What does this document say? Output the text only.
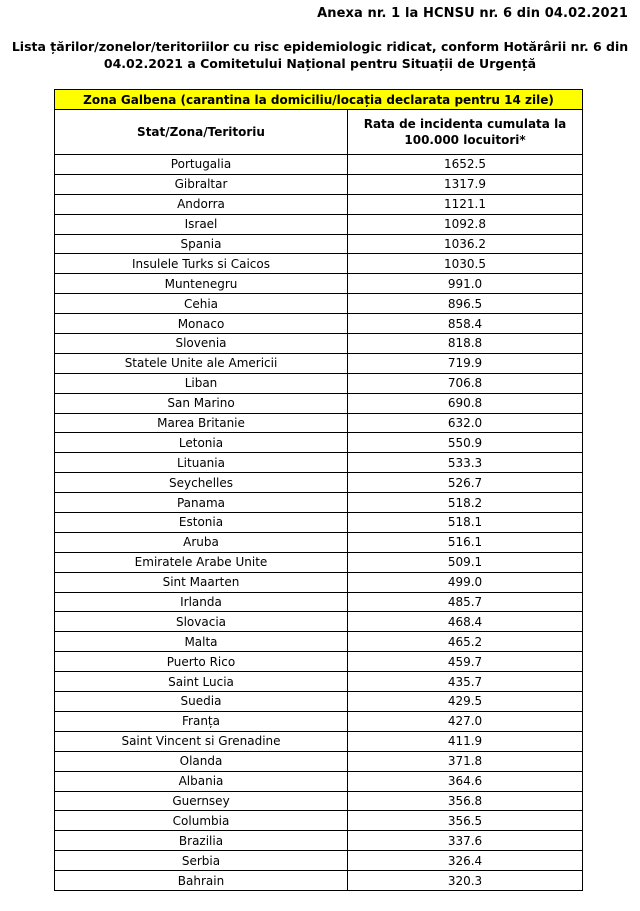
Anexa nr. 1 la HCNSU nr. 6 din 04.02.2021
Lista țărilor/zonelor/teritoriilor cu risc epidemiologic ridicat, conform Hotărârii nr. 6 din
04.02.2021 a Comitetului Național pentru Situații de Urgență
Zona Galbena (carantina la domiciliu/locația declarata pentru 14 zile)	
Stat/Zona/Teritoriu	Rata de incidenta cumulata la
100.000 locuitori*

Portugalia	1652.5
Gibraltar	1317.9
Andorra	1121.1
Israel	1092.8
Spania	1036.2
Insulele Turks si Caicos	1030.5
Muntenegru	991.0
Cehia	896.5
Monaco	858.4
Slovenia	818.8
Statele Unite ale Americii	719.9
Liban	706.8
San Marino	690.8
Marea Britanie	632.0
Letonia	550.9
Lituania	533.3
Seychelles	526.7
Panama	518.2
Estonia	518.1
Aruba	516.1
Emiratele Arabe Unite	509.1
Sint Maarten	499.0
Irlanda	485.7
Slovacia	468.4
Malta	465.2
Puerto Rico	459.7
Saint Lucia	435.7
Suedia	429.5
Franța	427.0
Saint Vincent si Grenadine	411.9
Olanda	371.8
Albania	364.6
Guernsey	356.8
Columbia	356.5
Brazilia	337.6
Serbia	326.4
Bahrain	320.3
